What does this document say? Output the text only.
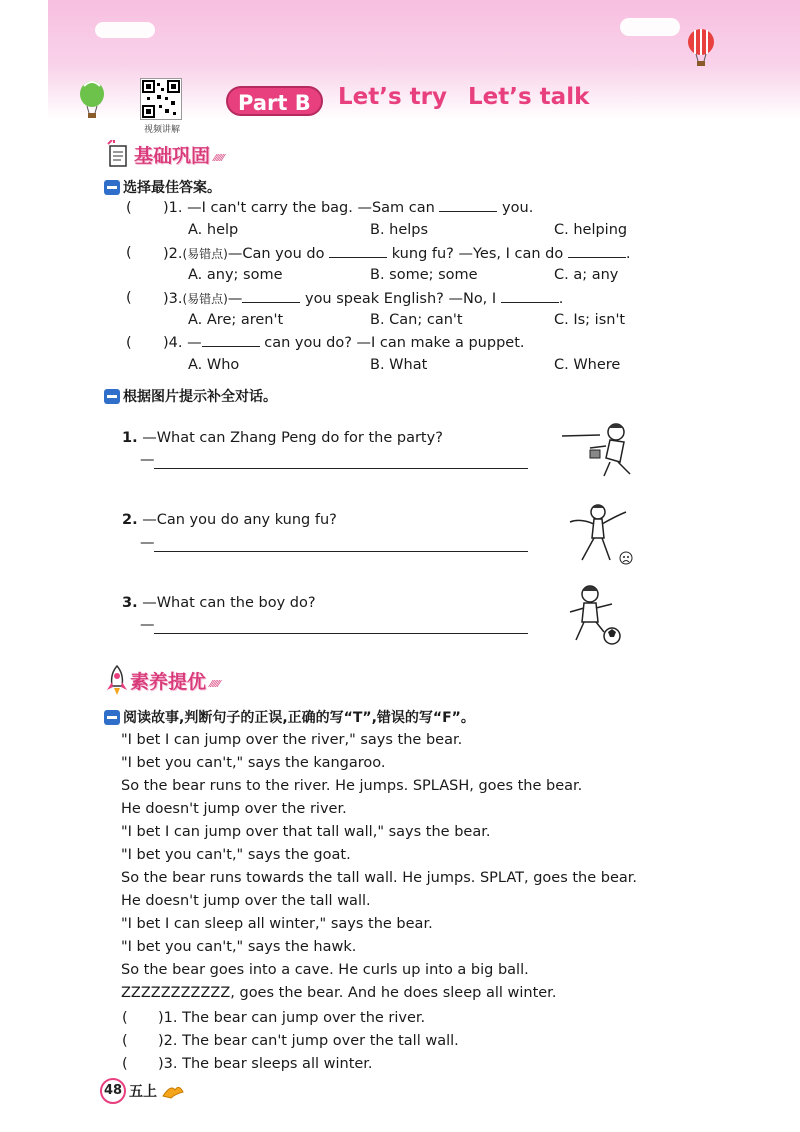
视频讲解
Part B	Let’s try Let’s talk
基础巩固 ⁄⁄⁄⁄⁄⁄
选择最佳答案。
( )1. —I can't carry the bag. —Sam can	you.
A. help	B. helps	C. helping
( )2.(易错点)—Can you do	kung fu? —Yes, I can do	.
A. any; some	B. some; some	C. a; any
( )3.(易错点)—	you speak English? —No, I	.
A. Are; aren't	B. Can; can't	C. Is; isn't
( )4. —	can you do? —I can make a puppet.
A. Who	B. What	C. Where
根据图片提示补全对话。
1. —What can Zhang Peng do for the party?
—
2. —Can you do any kung fu?
—
3. —What can the boy do?
—
素养提优 ⁄⁄⁄⁄⁄⁄
阅读故事,判断句子的正误,正确的写“T”,错误的写“F”。
"I bet I can jump over the river," says the bear.
"I bet you can't," says the kangaroo.
So the bear runs to the river. He jumps. SPLASH, goes the bear.
He doesn't jump over the river.
"I bet I can jump over that tall wall," says the bear.
"I bet you can't," says the goat.
So the bear runs towards the tall wall. He jumps. SPLAT, goes the bear.
He doesn't jump over the tall wall.
"I bet I can sleep all winter," says the bear.
"I bet you can't," says the hawk.
So the bear goes into a cave. He curls up into a big ball.
ZZZZZZZZZZZ, goes the bear. And he does sleep all winter.
( )1. The bear can jump over the river.
( )2. The bear can't jump over the tall wall.
( )3. The bear sleeps all winter.
48 五上
